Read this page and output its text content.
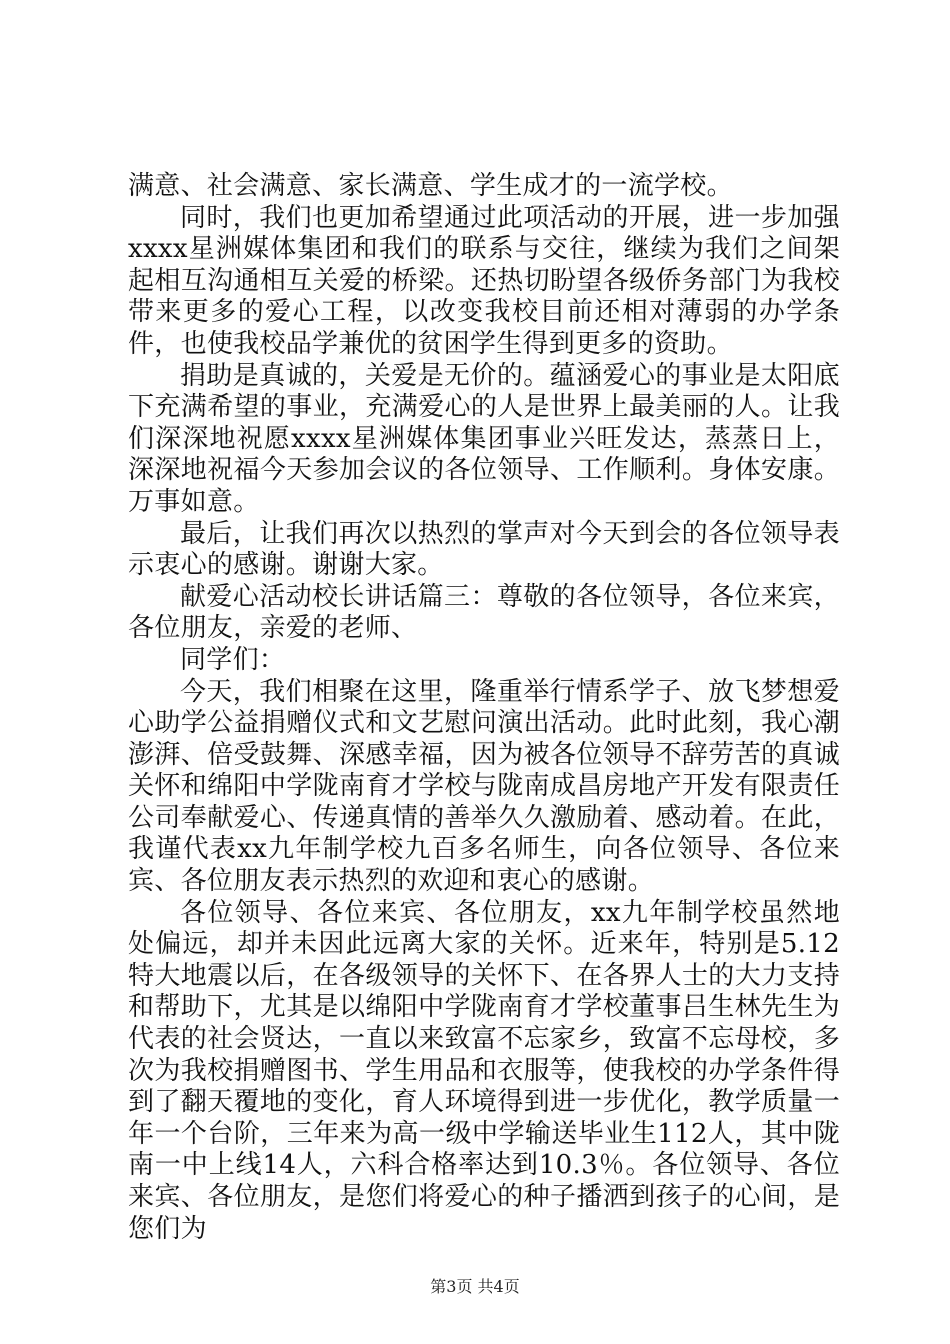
满意、社会满意、家长满意、学生成才的一流学校。

同时，我们也更加希望通过此项活动的开展，进一步加强xxxx星洲媒体集团和我们的联系与交往，继续为我们之间架起相互沟通相互关爱的桥梁。还热切盼望各级侨务部门为我校带来更多的爱心工程，以改变我校目前还相对薄弱的办学条件，也使我校品学兼优的贫困学生得到更多的资助。

捐助是真诚的，关爱是无价的。蕴涵爱心的事业是太阳底下充满希望的事业，充满爱心的人是世界上最美丽的人。让我们深深地祝愿xxxx星洲媒体集团事业兴旺发达，蒸蒸日上，深深地祝福今天参加会议的各位领导、工作顺利。身体安康。万事如意。

最后，让我们再次以热烈的掌声对今天到会的各位领导表示衷心的感谢。谢谢大家。

献爱心活动校长讲话篇三：尊敬的各位领导，各位来宾，各位朋友，亲爱的老师、

同学们：

今天，我们相聚在这里，隆重举行情系学子、放飞梦想爱心助学公益捐赠仪式和文艺慰问演出活动。此时此刻，我心潮澎湃、倍受鼓舞、深感幸福，因为被各位领导不辞劳苦的真诚关怀和绵阳中学陇南育才学校与陇南成昌房地产开发有限责任公司奉献爱心、传递真情的善举久久激励着、感动着。在此，我谨代表xx九年制学校九百多名师生，向各位领导、各位来宾、各位朋友表示热烈的欢迎和衷心的感谢。

各位领导、各位来宾、各位朋友，xx九年制学校虽然地处偏远，却并未因此远离大家的关怀。近来年，特别是5.12特大地震以后，在各级领导的关怀下、在各界人士的大力支持和帮助下，尤其是以绵阳中学陇南育才学校董事吕生林先生为代表的社会贤达，一直以来致富不忘家乡，致富不忘母校，多次为我校捐赠图书、学生用品和衣服等，使我校的办学条件得到了翻天覆地的变化，育人环境得到进一步优化，教学质量一年一个台阶，三年来为高一级中学输送毕业生112人，其中陇南一中上线14人，六科合格率达到10.3％。各位领导、各位来宾、各位朋友，是您们将爱心的种子播洒到孩子的心间，是您们为

第3页 共4页
